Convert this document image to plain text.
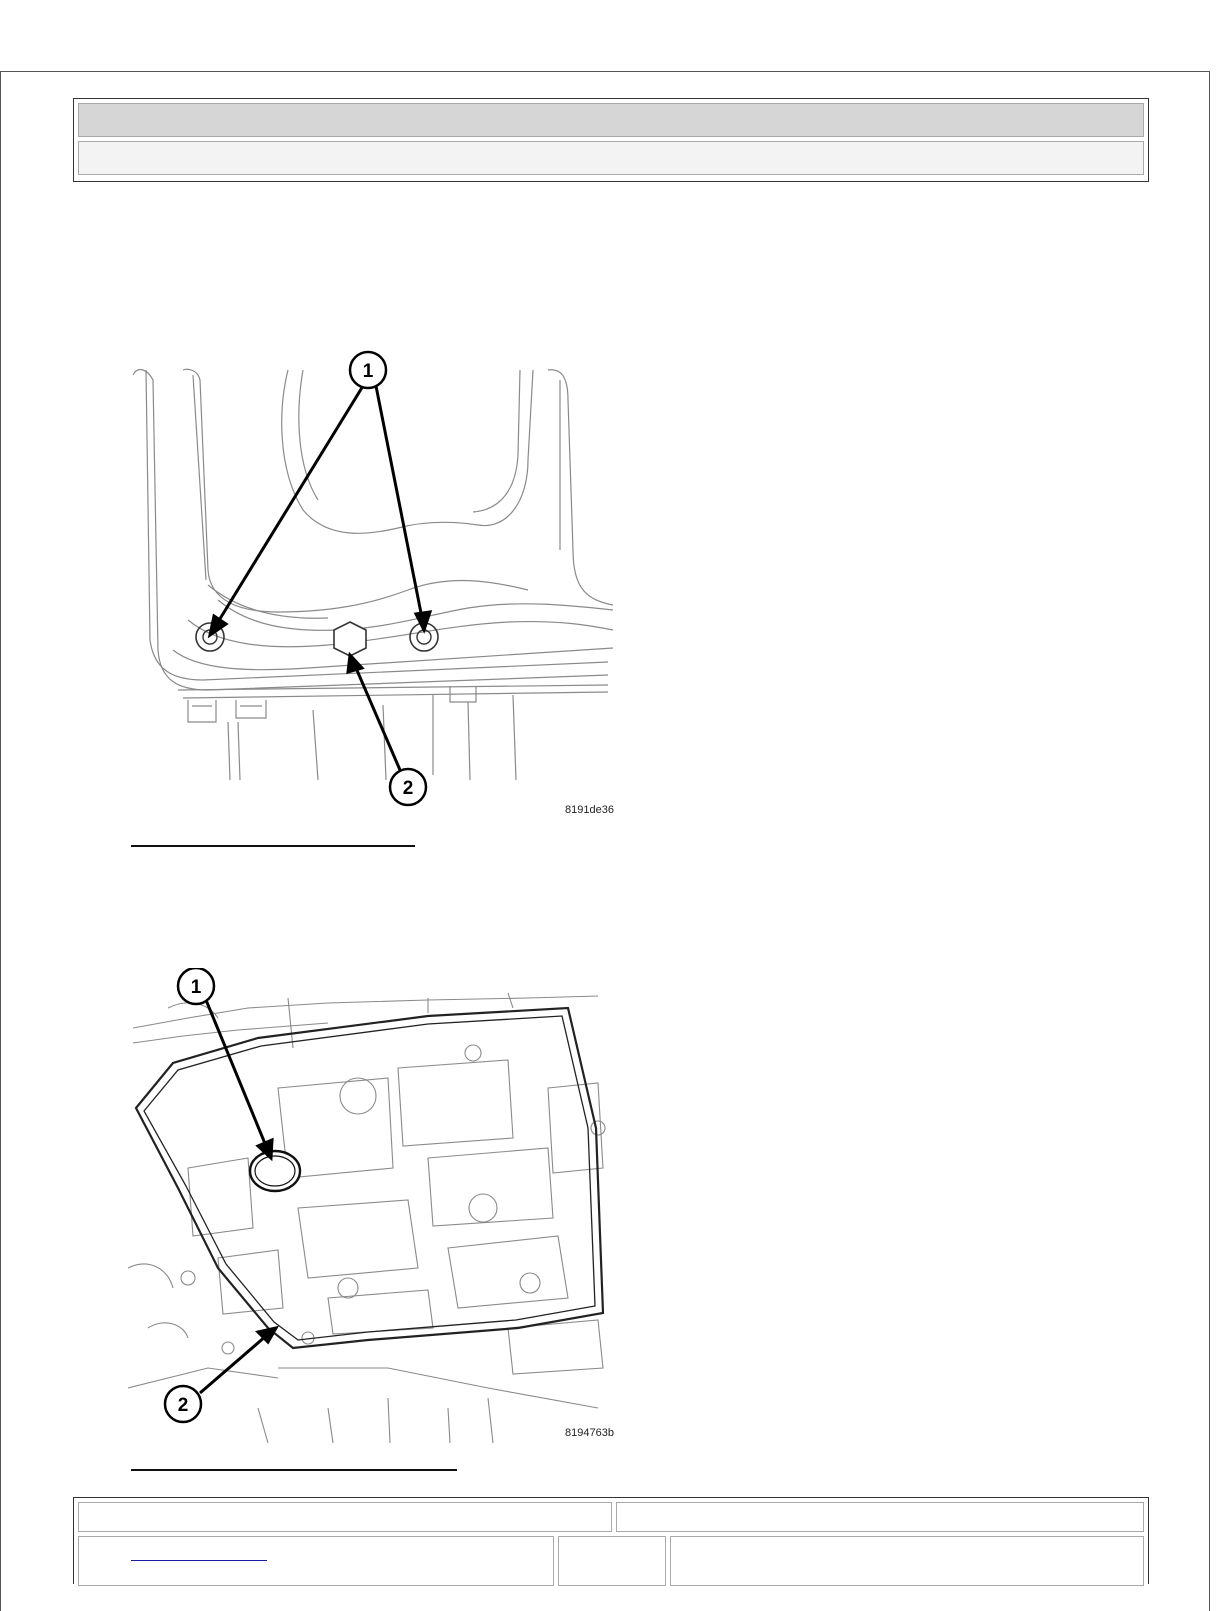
1
2
8191de36
1
2
8194763b
